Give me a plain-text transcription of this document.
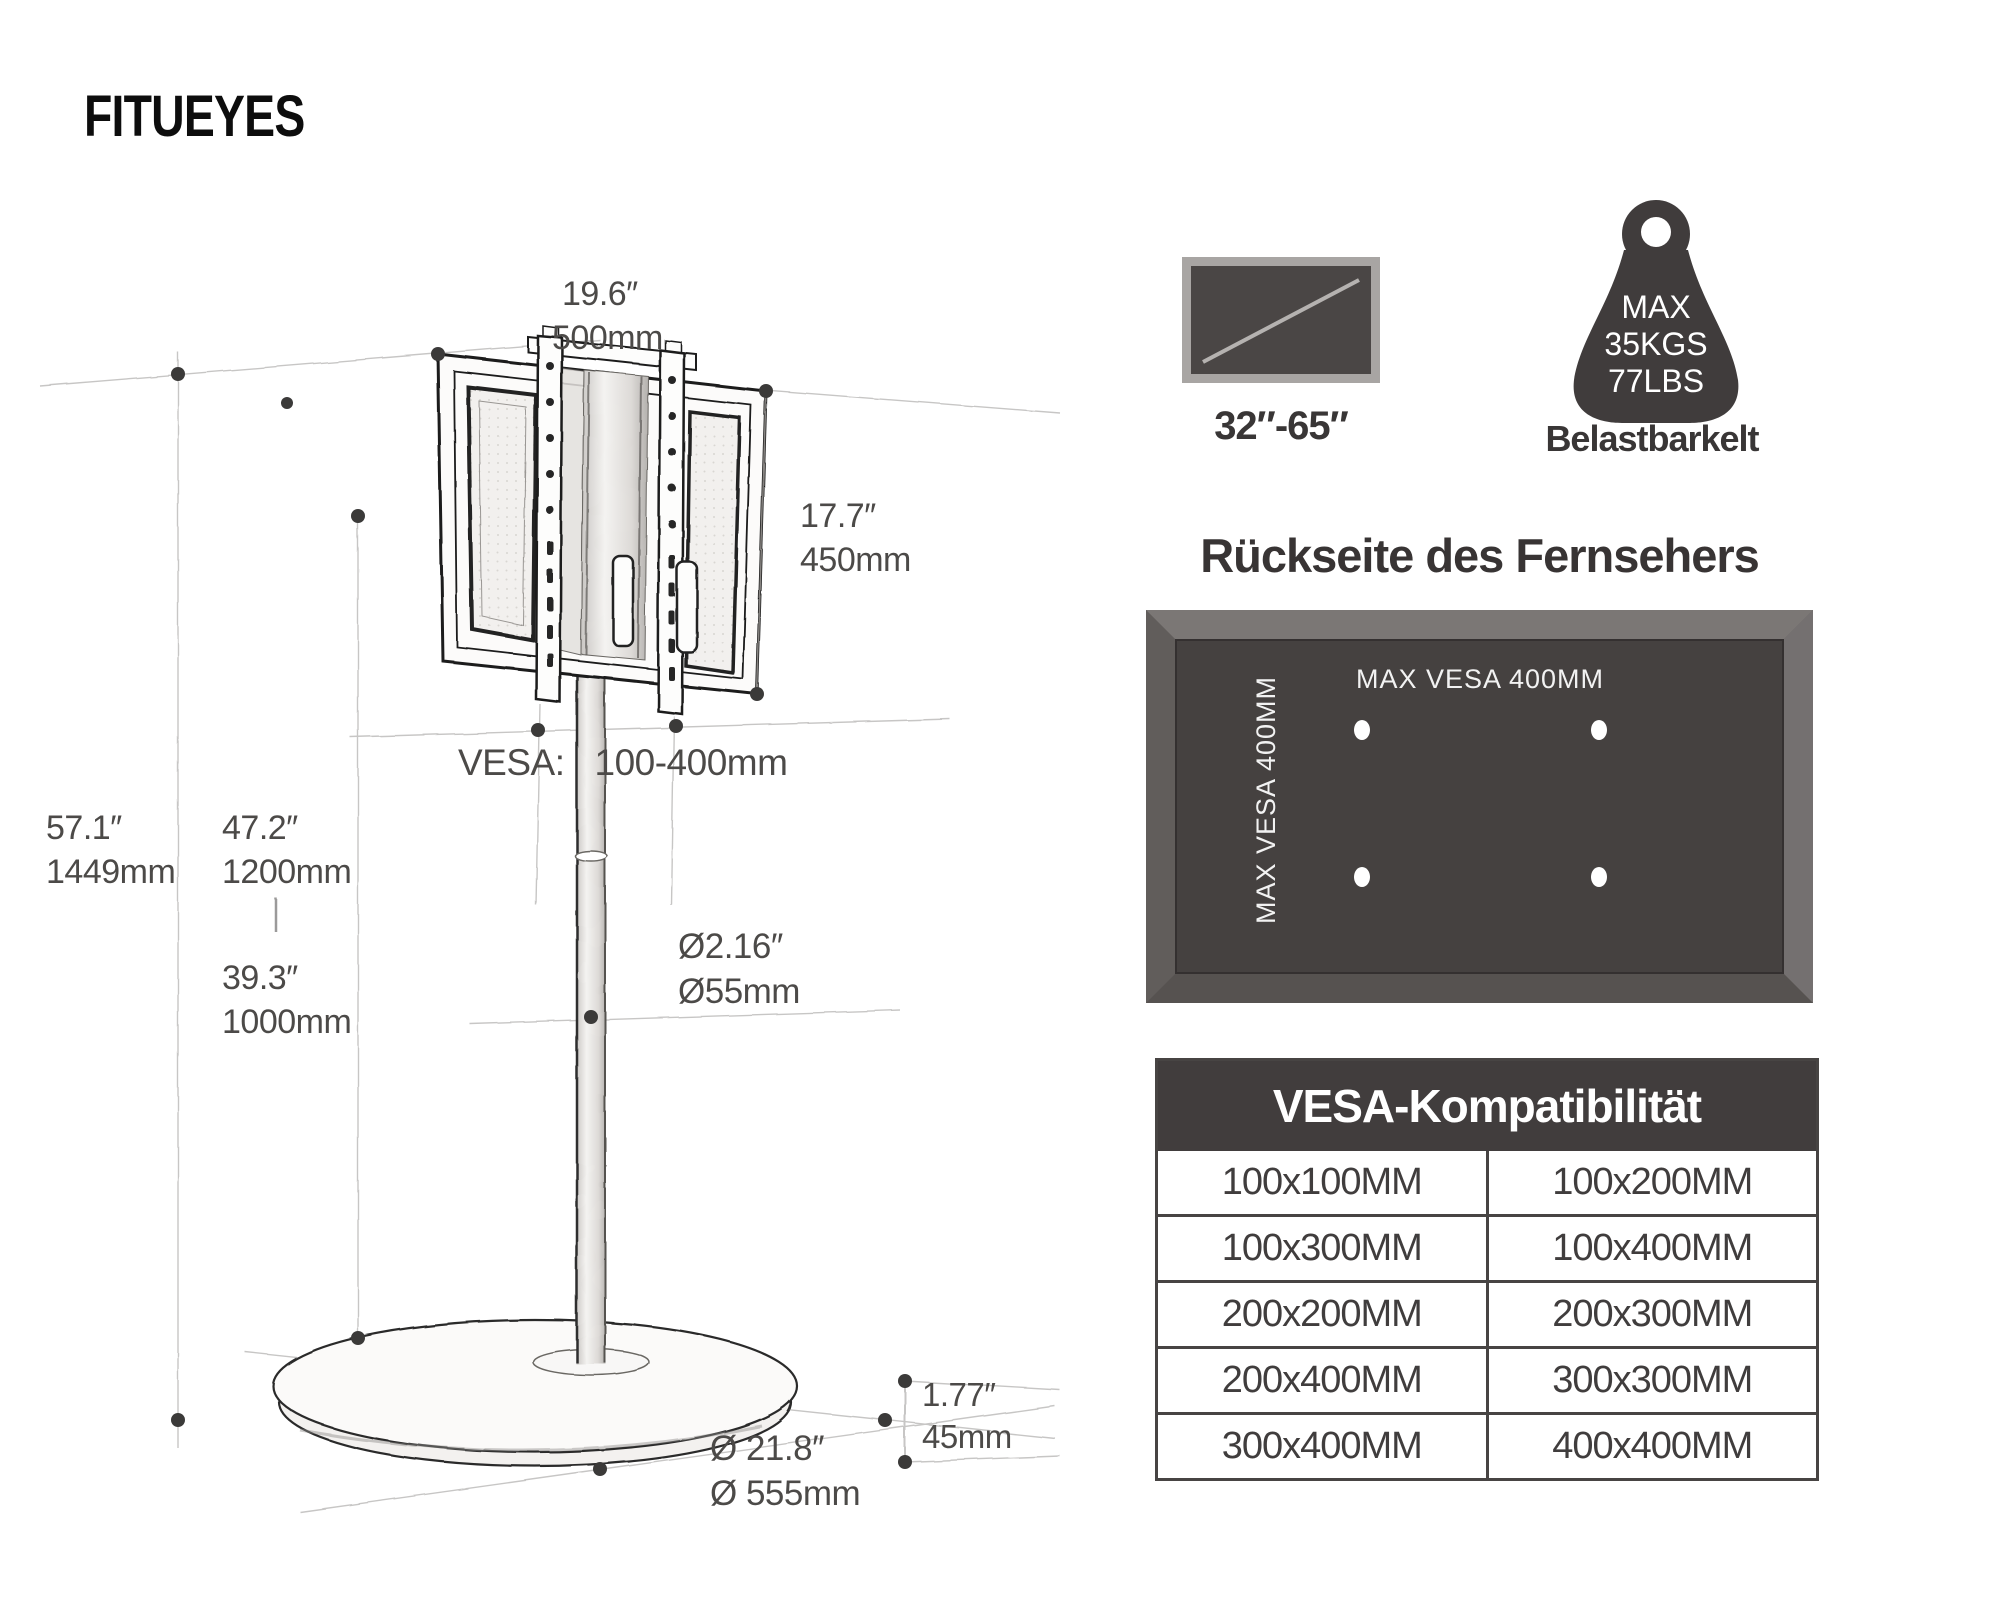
FITUEYES
19.6″
500mm
17.7″
450mm
VESA: 100-400mm
57.1″
1449mm
47.2″
1200mm
39.3″
1000mm
Ø2.16″
Ø55mm
Ø 21.8″
Ø 555mm
1.77″
45mm
32″-65″
MAX
35KGS
77LBS
Belastbarkelt
Rückseite des Fernsehers
MAX VESA 400MM
MAX VESA 400MM
VESA-Kompatibilität
100x100MM	100x200MM
100x300MM	100x400MM
200x200MM	200x300MM
200x400MM	300x300MM
300x400MM	400x400MM
